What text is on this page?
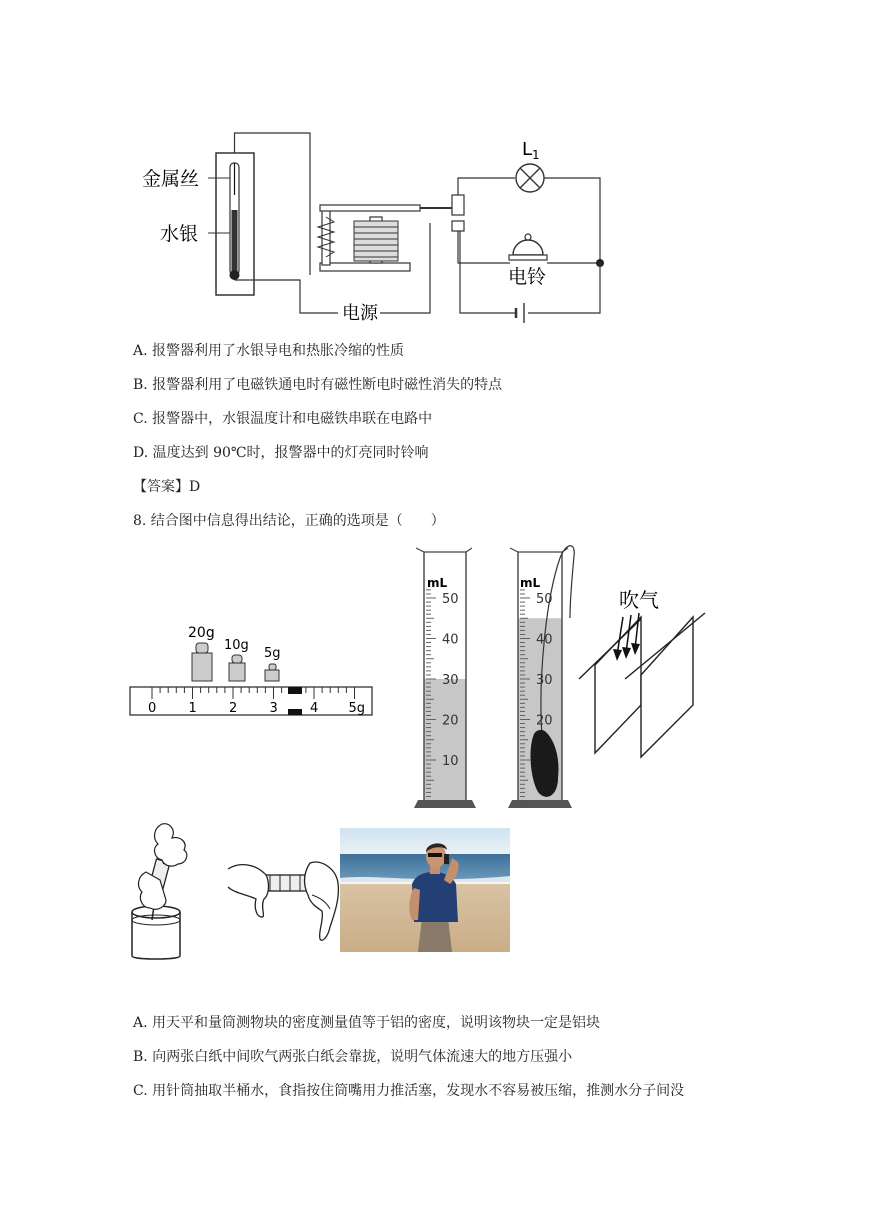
金属丝
水银
电源
$L_1$
电铃
A. 报警器利用了水银导电和热胀冷缩的性质
B. 报警器利用了电磁铁通电时有磁性断电时磁性消失的特点
C. 报警器中，水银温度计和电磁铁串联在电路中
D. 温度达到 90℃时，报警器中的灯亮同时铃响
【答案】D
8. 结合图中信息得出结论，正确的选项是（　　）
20g
10g
5g
0 1 2 3 4 5g
mL
50
40
30
20
10
mL
50
40
30
20
吹气
A. 用天平和量筒测物块的密度测量值等于铝的密度，说明该物块一定是铝块
B. 向两张白纸中间吹气两张白纸会靠拢，说明气体流速大的地方压强小
C. 用针筒抽取半桶水，食指按住筒嘴用力推活塞，发现水不容易被压缩，推测水分子间没
